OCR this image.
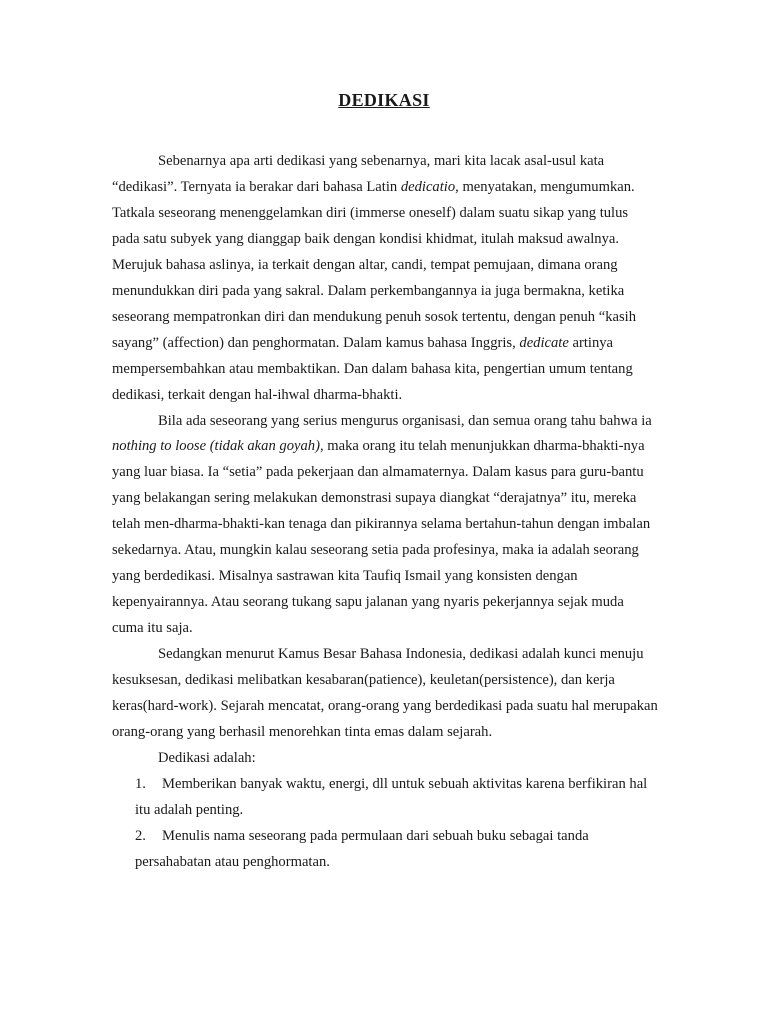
DEDIKASI

Sebenarnya apa arti dedikasi yang sebenarnya, mari kita lacak asal-usul kata “dedikasi”. Ternyata ia berakar dari bahasa Latin dedicatio, menyatakan, mengumumkan. Tatkala seseorang menenggelamkan diri (immerse oneself) dalam suatu sikap yang tulus pada satu subyek yang dianggap baik dengan kondisi khidmat, itulah maksud awalnya. Merujuk bahasa aslinya, ia terkait dengan altar, candi, tempat pemujaan, dimana orang menundukkan diri pada yang sakral. Dalam perkembangannya ia juga bermakna, ketika seseorang mempatronkan diri dan mendukung penuh sosok tertentu, dengan penuh “kasih sayang” (affection) dan penghormatan. Dalam kamus bahasa Inggris, dedicate artinya mempersembahkan atau membaktikan. Dan dalam bahasa kita, pengertian umum tentang dedikasi, terkait dengan hal-ihwal dharma-bhakti.

Bila ada seseorang yang serius mengurus organisasi, dan semua orang tahu bahwa ia nothing to loose (tidak akan goyah), maka orang itu telah menunjukkan dharma-bhakti-nya yang luar biasa. Ia “setia” pada pekerjaan dan almamaternya. Dalam kasus para guru-bantu yang belakangan sering melakukan demonstrasi supaya diangkat “derajatnya” itu, mereka telah men-dharma-bhakti-kan tenaga dan pikirannya selama bertahun-tahun dengan imbalan sekedarnya. Atau, mungkin kalau seseorang setia pada profesinya, maka ia adalah seorang yang berdedikasi. Misalnya sastrawan kita Taufiq Ismail yang konsisten dengan kepenyairannya. Atau seorang tukang sapu jalanan yang nyaris pekerjannya sejak muda cuma itu saja.

Sedangkan menurut Kamus Besar Bahasa Indonesia, dedikasi adalah kunci menuju kesuksesan, dedikasi melibatkan kesabaran(patience), keuletan(persistence), dan kerja keras(hard-work). Sejarah mencatat, orang-orang yang berdedikasi pada suatu hal merupakan orang-orang yang berhasil menorehkan tinta emas dalam sejarah.

Dedikasi adalah:

1.	Memberikan banyak waktu, energi, dll untuk sebuah aktivitas karena berfikiran hal itu adalah penting.
2.	Menulis nama seseorang pada permulaan dari sebuah buku sebagai tanda persahabatan atau penghormatan.
